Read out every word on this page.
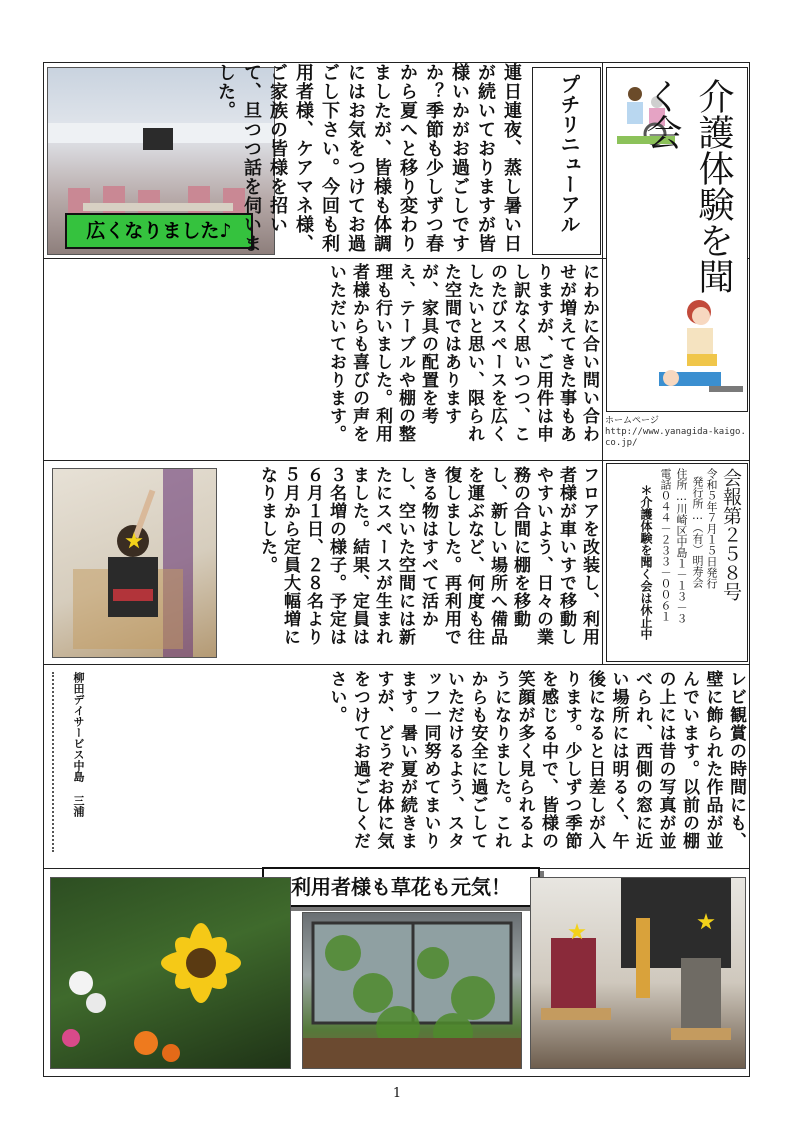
広くなりました♪	連日連夜、蒸し暑い日が続いておりますが皆様いかがお過ごしですか？季節も少しずつ春から夏へと移り変わりましたが、皆様も体調にはお気をつけてお過ごし下さい。今回も利用者様、ケアマネ様、ご家族の皆様を招いて、旦つつ話を伺いました。	プチリニューアル	介護体験を聞く会
にわかに合い問い合わせが増えてきた事もありますが、ご用件は申し訳なく思いつつ、このたびスペースを広くしたいと思い、限られた空間ではありますが、家具の配置を考え、テーブルや棚の整理も行いました。利用者様からも喜びの声をいただいております。	ホームページ
http://www.yanagida-kaigo.co.jp/
フロアを改装し、利用者様が車いすで移動しやすいよう、日々の業務の合間に棚を移動し、新しい場所へ備品を運ぶなど、何度も往復しました。再利用できる物はすべて活かし、空いた空間には新たにスペースが生まれました。結果、定員は３名増の様子。予定は６月１日、２８名より５月から定員大幅増になりました。	会報第２５８号
令和５年７月１５日発行
発行所…（有）明寿会
住所…川崎区中島１－１３－３
電話０４４－２３３－００６１
＊介護体験を聞く会は休止中
レビ観賞の時間にも、壁に飾られた作品が並んでいます。以前の棚の上には昔の写真が並べられ、西側の窓に近い場所には明るく、午後になると日差しが入ります。少しずつ季節を感じる中で、皆様の笑顔が多く見られるようになりました。これからも安全に過ごしていただけるよう、スタッフ一同努めてまいります。暑い夏が続きますが、どうぞお体に気をつけてお過ごしください。
柳田デイサービス中島 三浦
利用者様も草花も元気！
1
